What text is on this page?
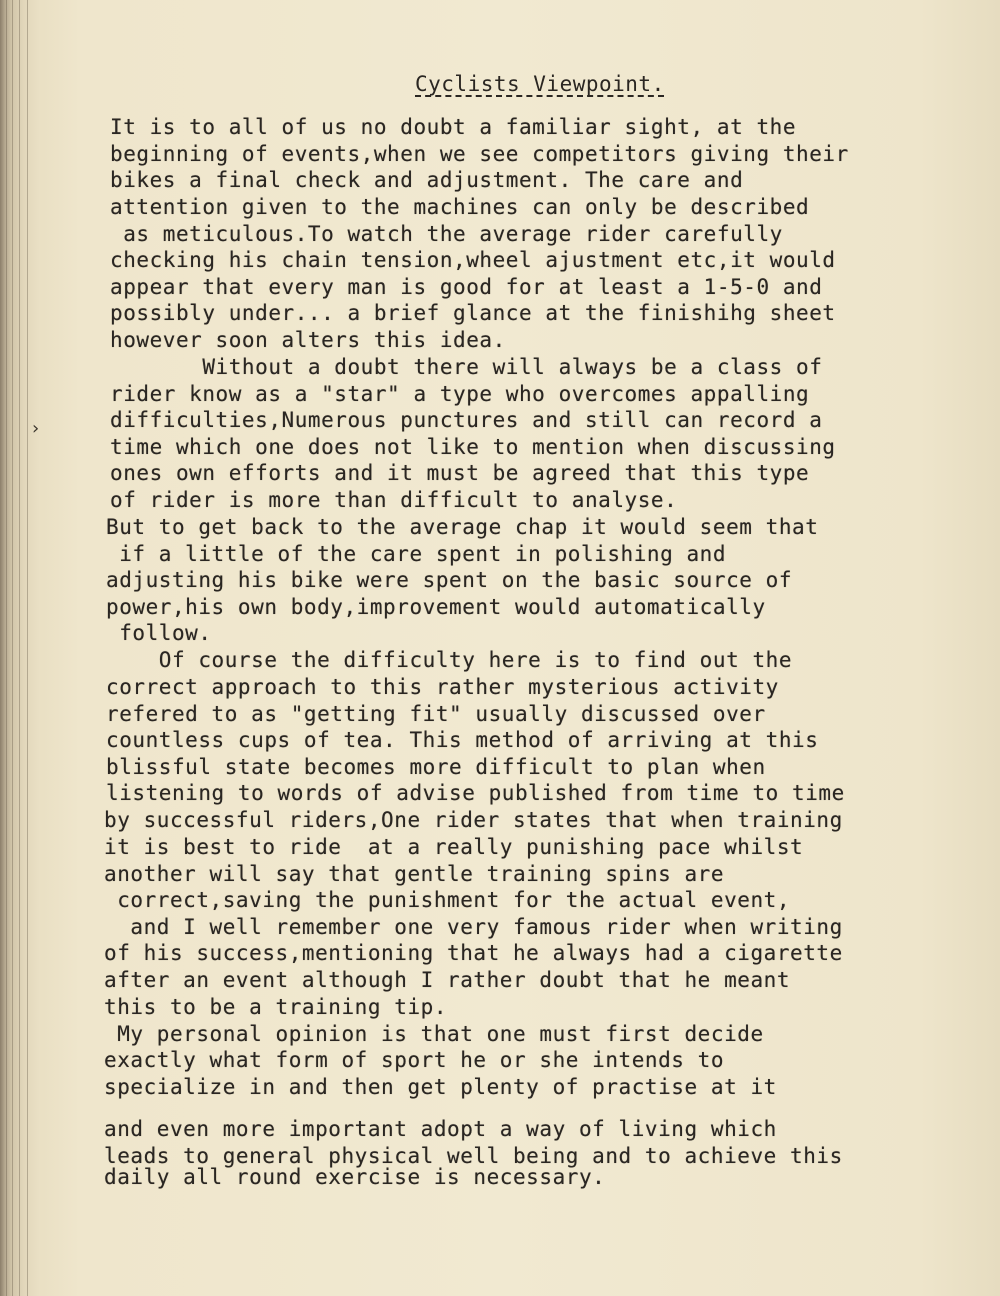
›
Cyclists Viewpoint.
It is to all of us no doubt a familiar sight, at the
beginning of events,when we see competitors giving their
bikes a final check and adjustment. The care and
attention given to the machines can only be described
as meticulous.To watch the average rider carefully
checking his chain tension,wheel ajustment etc,it would
appear that every man is good for at least a 1-5-0 and
possibly under... a brief glance at the finishihg sheet
however soon alters this idea.
Without a doubt there will always be a class of
rider know as a "star" a type who overcomes appalling
difficulties,Numerous punctures and still can record a
time which one does not like to mention when discussing
ones own efforts and it must be agreed that this type
of rider is more than difficult to analyse.
But to get back to the average chap it would seem that
if a little of the care spent in polishing and
adjusting his bike were spent on the basic source of
power,his own body,improvement would automatically
follow.
Of course the difficulty here is to find out the
correct approach to this rather mysterious activity
refered to as "getting fit" usually discussed over
countless cups of tea. This method of arriving at this
blissful state becomes more difficult to plan when
listening to words of advise published from time to time
by successful riders,One rider states that when training
it is best to ride  at a really punishing pace whilst
another will say that gentle training spins are
correct,saving the punishment for the actual event,
and I well remember one very famous rider when writing
of his success,mentioning that he always had a cigarette
after an event although I rather doubt that he meant
this to be a training tip.
My personal opinion is that one must first decide
exactly what form of sport he or she intends to
specialize in and then get plenty of practise at it
and even more important adopt a way of living which
leads to general physical well being and to achieve this
daily all round exercise is necessary.
